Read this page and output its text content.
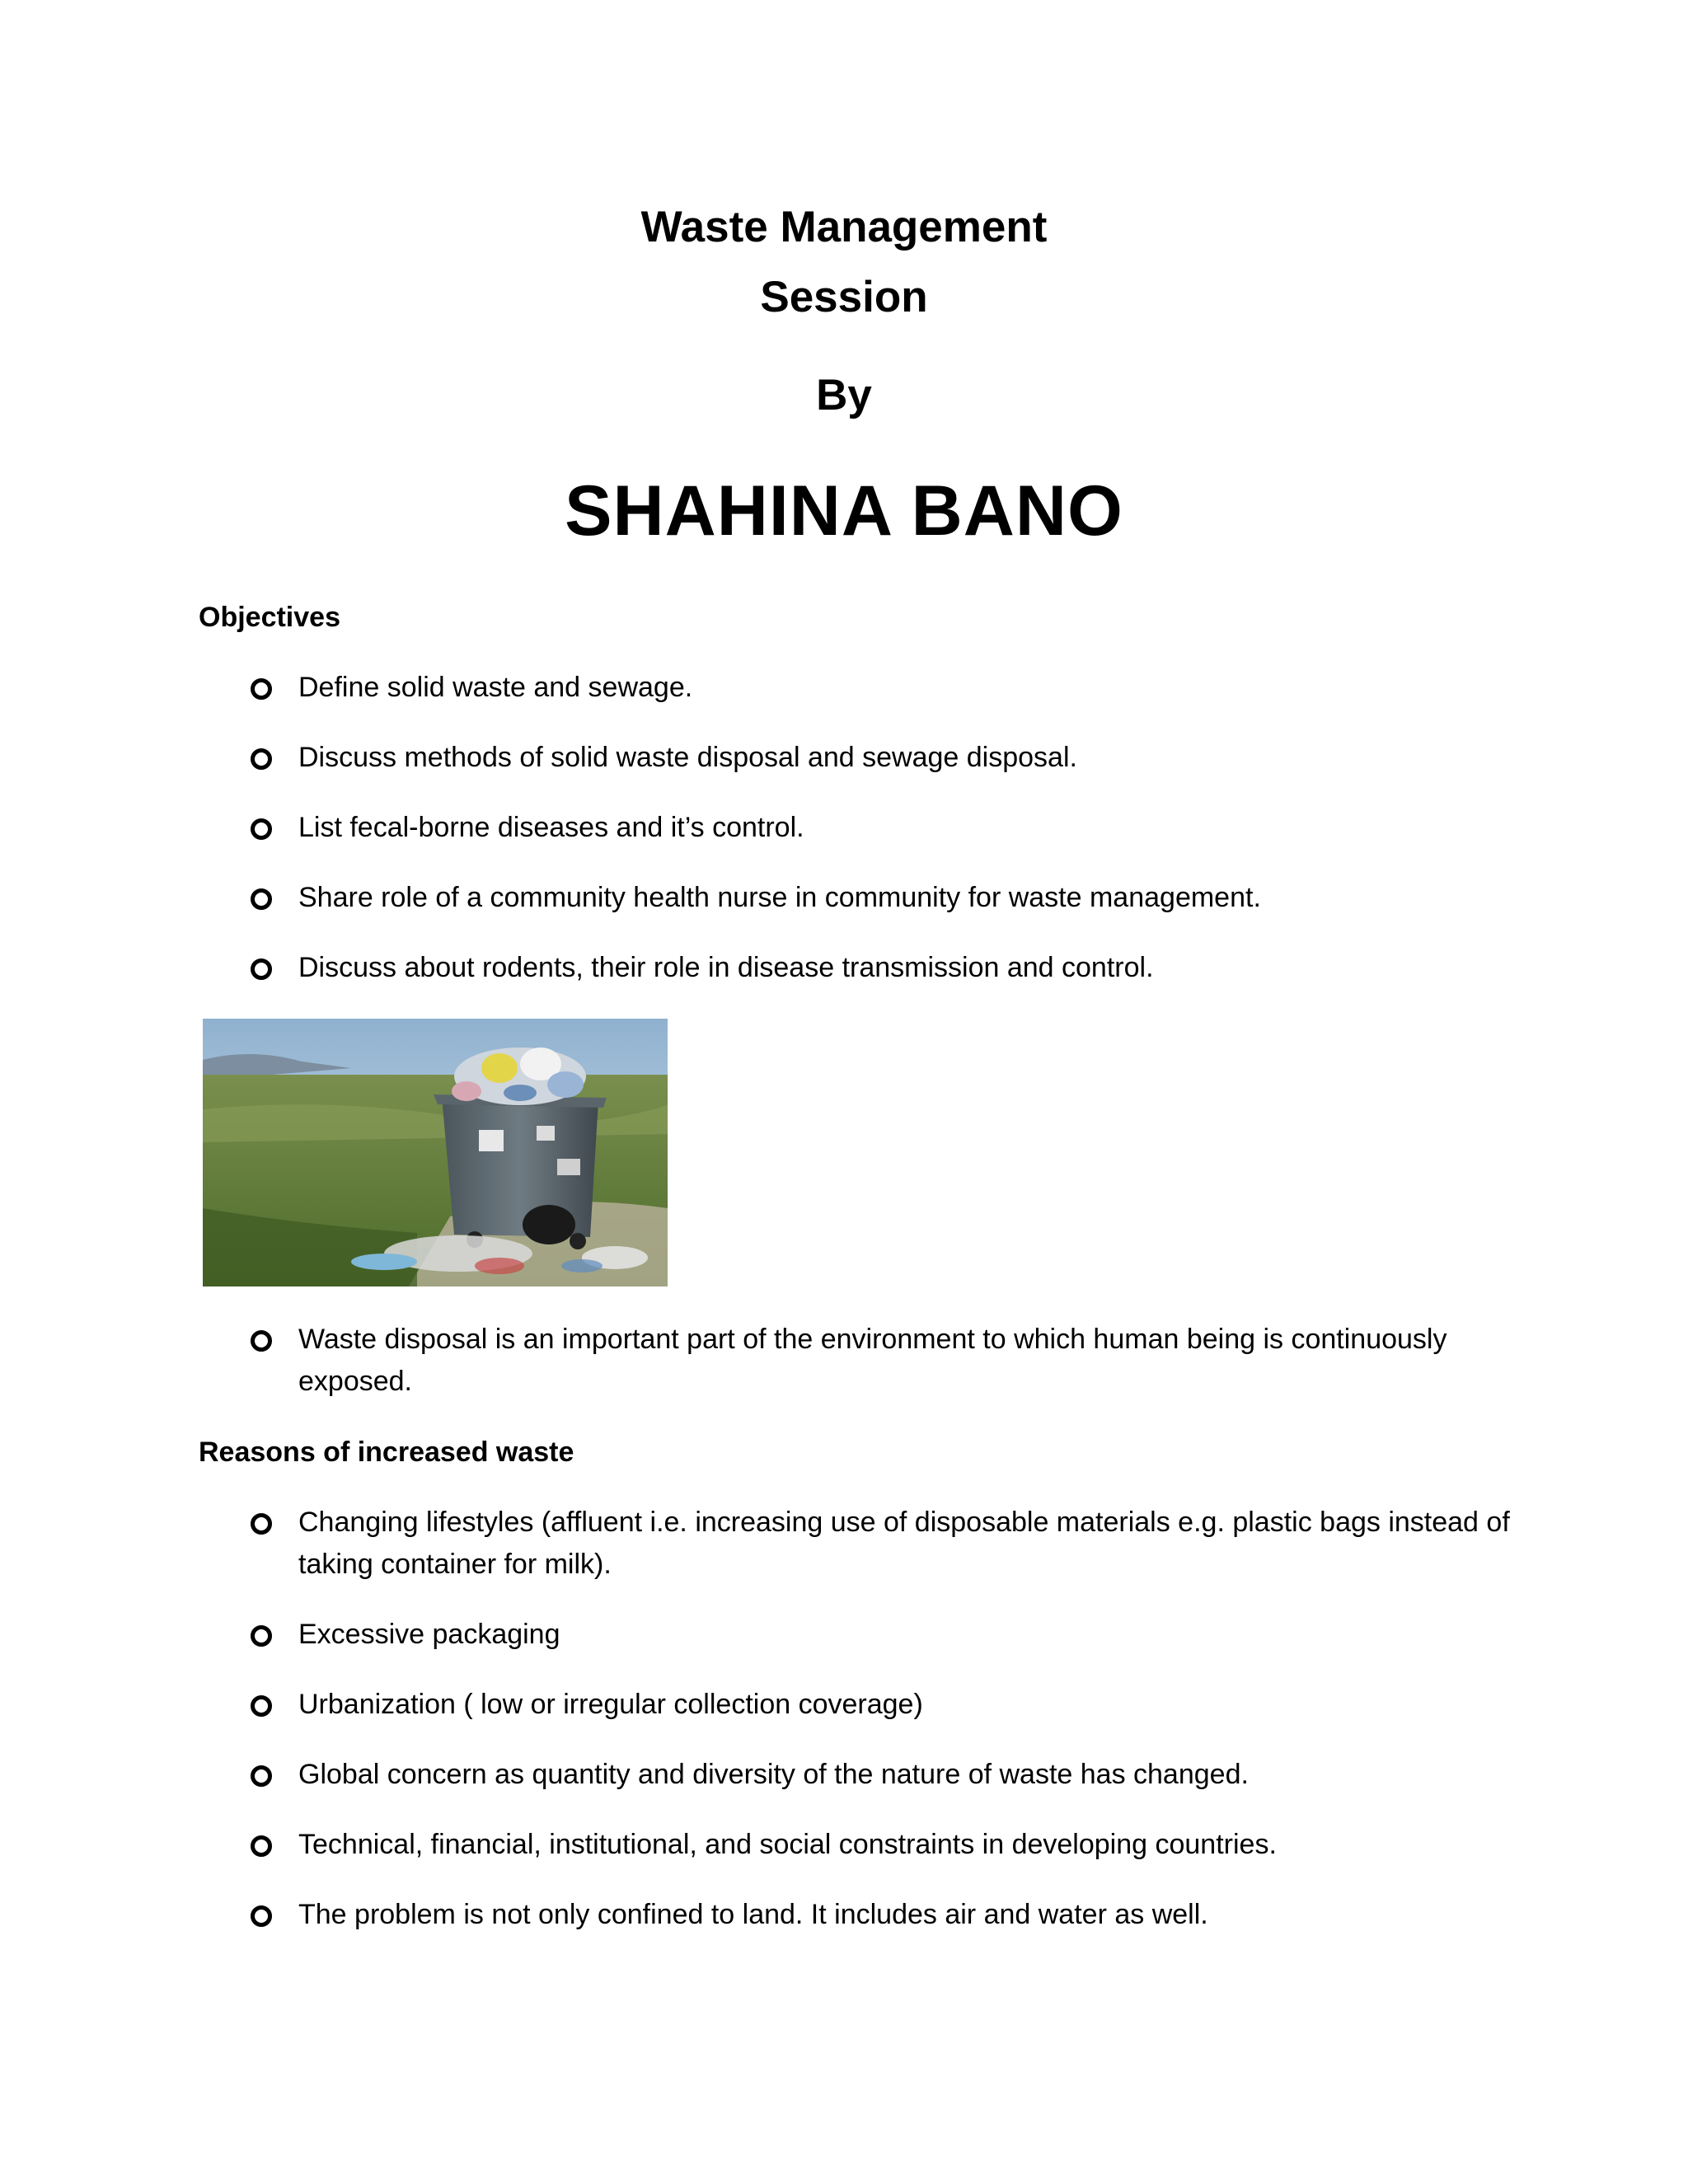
Waste Management
Session
By
SHAHINA BANO

Objectives

Define solid waste and sewage.
Discuss methods of solid waste disposal and sewage disposal.
List fecal-borne diseases and it’s control.
Share role of a community health nurse in community for waste management.
Discuss about rodents, their role in disease transmission and control.
Waste disposal is an important part of the environment to which human being is continuously exposed.

Reasons of increased waste

Changing lifestyles (affluent i.e. increasing use of disposable materials e.g. plastic bags instead of taking container for milk).
Excessive packaging
Urbanization ( low or irregular collection coverage)
Global concern as quantity and diversity of the nature of waste has changed.
Technical, financial, institutional, and social constraints in developing countries.
The problem is not only confined to land. It includes air and water as well.
